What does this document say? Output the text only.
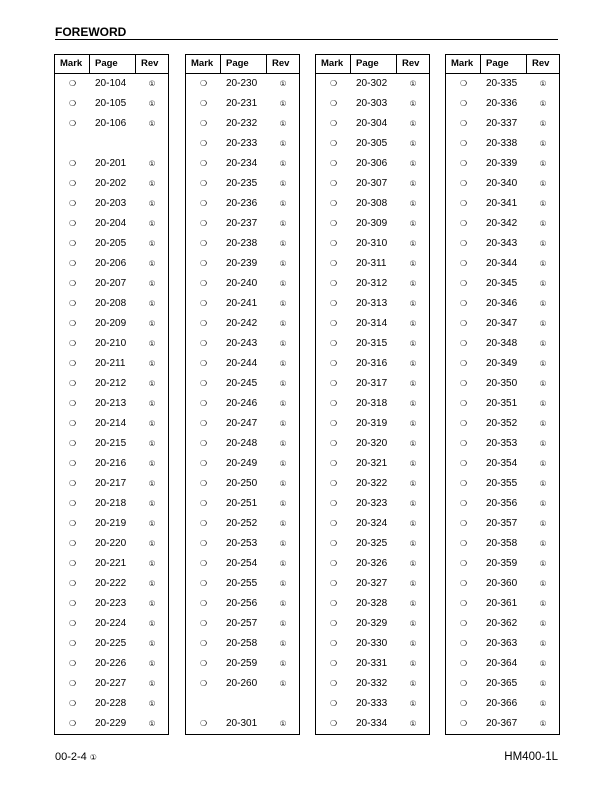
FOREWORD
Mark	Page	Rev
❍	20-104	①
❍	20-105	①
❍	20-106	①
❍	20-201	①
❍	20-202	①
❍	20-203	①
❍	20-204	①
❍	20-205	①
❍	20-206	①
❍	20-207	①
❍	20-208	①
❍	20-209	①
❍	20-210	①
❍	20-211	①
❍	20-212	①
❍	20-213	①
❍	20-214	①
❍	20-215	①
❍	20-216	①
❍	20-217	①
❍	20-218	①
❍	20-219	①
❍	20-220	①
❍	20-221	①
❍	20-222	①
❍	20-223	①
❍	20-224	①
❍	20-225	①
❍	20-226	①
❍	20-227	①
❍	20-228	①
❍	20-229	①
Mark	Page	Rev
❍	20-230	①
❍	20-231	①
❍	20-232	①
❍	20-233	①
❍	20-234	①
❍	20-235	①
❍	20-236	①
❍	20-237	①
❍	20-238	①
❍	20-239	①
❍	20-240	①
❍	20-241	①
❍	20-242	①
❍	20-243	①
❍	20-244	①
❍	20-245	①
❍	20-246	①
❍	20-247	①
❍	20-248	①
❍	20-249	①
❍	20-250	①
❍	20-251	①
❍	20-252	①
❍	20-253	①
❍	20-254	①
❍	20-255	①
❍	20-256	①
❍	20-257	①
❍	20-258	①
❍	20-259	①
❍	20-260	①
❍	20-301	①
Mark	Page	Rev
❍	20-302	①
❍	20-303	①
❍	20-304	①
❍	20-305	①
❍	20-306	①
❍	20-307	①
❍	20-308	①
❍	20-309	①
❍	20-310	①
❍	20-311	①
❍	20-312	①
❍	20-313	①
❍	20-314	①
❍	20-315	①
❍	20-316	①
❍	20-317	①
❍	20-318	①
❍	20-319	①
❍	20-320	①
❍	20-321	①
❍	20-322	①
❍	20-323	①
❍	20-324	①
❍	20-325	①
❍	20-326	①
❍	20-327	①
❍	20-328	①
❍	20-329	①
❍	20-330	①
❍	20-331	①
❍	20-332	①
❍	20-333	①
❍	20-334	①
Mark	Page	Rev
❍	20-335	①
❍	20-336	①
❍	20-337	①
❍	20-338	①
❍	20-339	①
❍	20-340	①
❍	20-341	①
❍	20-342	①
❍	20-343	①
❍	20-344	①
❍	20-345	①
❍	20-346	①
❍	20-347	①
❍	20-348	①
❍	20-349	①
❍	20-350	①
❍	20-351	①
❍	20-352	①
❍	20-353	①
❍	20-354	①
❍	20-355	①
❍	20-356	①
❍	20-357	①
❍	20-358	①
❍	20-359	①
❍	20-360	①
❍	20-361	①
❍	20-362	①
❍	20-363	①
❍	20-364	①
❍	20-365	①
❍	20-366	①
❍	20-367	①
00-2-4 ①	HM400-1L
